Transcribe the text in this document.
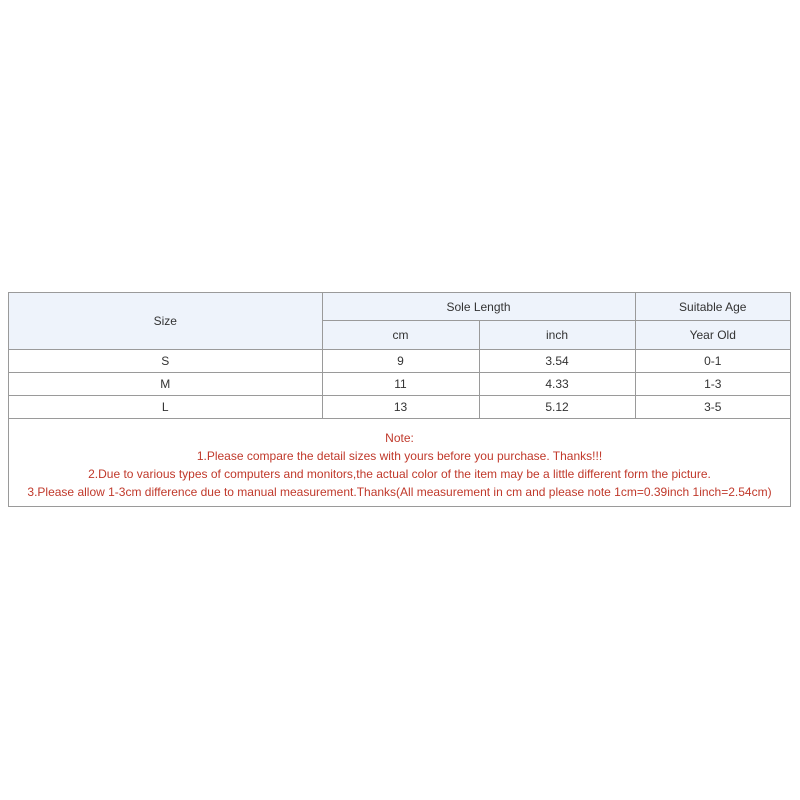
Size	Sole Length		Suitable Age
	cm	inch	Year Old
S	9	3.54	0-1
M	11	4.33	1-3
L	13	5.12	3-5
Note:
1.Please compare the detail sizes with yours before you purchase. Thanks!!!
2.Due to various types of computers and monitors,the actual color of the item may be a little different form the picture.
3.Please allow 1-3cm difference due to manual measurement.Thanks(All measurement in cm and please note 1cm=0.39inch 1inch=2.54cm)
